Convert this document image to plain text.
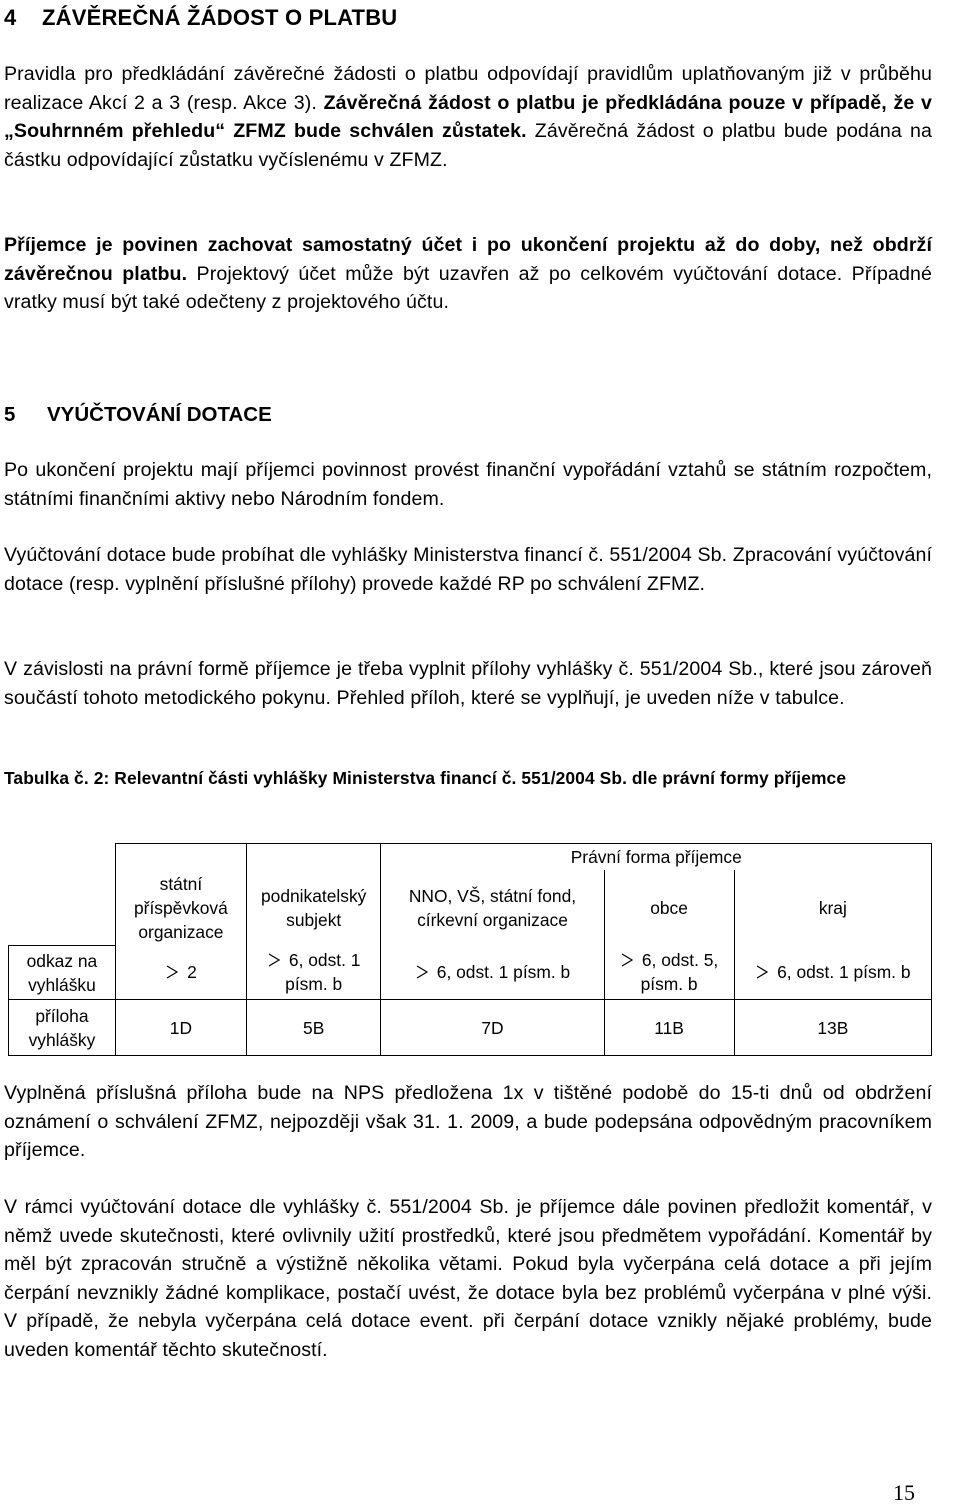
4 ZÁVĚREČNÁ ŽÁDOST O PLATBU
Pravidla pro předkládání závěrečné žádosti o platbu odpovídají pravidlům uplatňovaným již v průběhu realizace Akcí 2 a 3 (resp. Akce 3). Závěrečná žádost o platbu je předkládána pouze v případě, že v „Souhrnném přehledu“ ZFMZ bude schválen zůstatek. Závěrečná žádost o platbu bude podána na částku odpovídající zůstatku vyčíslenému v ZFMZ.
Příjemce je povinen zachovat samostatný účet i po ukončení projektu až do doby, než obdrží závěrečnou platbu. Projektový účet může být uzavřen až po celkovém vyúčtování dotace. Případné vratky musí být také odečteny z projektového účtu.
5 VYÚČTOVÁNÍ DOTACE
Po ukončení projektu mají příjemci povinnost provést finanční vypořádání vztahů se státním rozpočtem, státními finančními aktivy nebo Národním fondem.
Vyúčtování dotace bude probíhat dle vyhlášky Ministerstva financí č. 551/2004 Sb. Zpracování vyúčtování dotace (resp. vyplnění příslušné přílohy) provede každé RP po schválení ZFMZ.
V závislosti na právní formě příjemce je třeba vyplnit přílohy vyhlášky č. 551/2004 Sb., které jsou zároveň součástí tohoto metodického pokynu. Přehled příloh, které se vyplňují, je uveden níže v tabulce.
Tabulka č. 2: Relevantní části vyhlášky Ministerstva financí č. 551/2004 Sb. dle právní formy příjemce
			Právní forma příjemce		
	státní příspěvková organizace	podnikatelský subjekt	NNO, VŠ, státní fond, církevní organizace	obce	kraj
odkaz na vyhlášku	2	6, odst. 1 písm. b	6, odst. 1 písm. b	6, odst. 5, písm. b	6, odst. 1 písm. b
příloha vyhlášky	1D	5B	7D	11B	13B
Vyplněná příslušná příloha bude na NPS předložena 1x v tištěné podobě do 15-ti dnů od obdržení oznámení o schválení ZFMZ, nejpozději však 31. 1. 2009, a bude podepsána odpovědným pracovníkem příjemce.
V rámci vyúčtování dotace dle vyhlášky č. 551/2004 Sb. je příjemce dále povinen předložit komentář, v němž uvede skutečnosti, které ovlivnily užití prostředků, které jsou předmětem vypořádání. Komentář by měl být zpracován stručně a výstižně několika větami. Pokud byla vyčerpána celá dotace a při jejím čerpání nevznikly žádné komplikace, postačí uvést, že dotace byla bez problémů vyčerpána v plné výši. V případě, že nebyla vyčerpána celá dotace event. při čerpání dotace vznikly nějaké problémy, bude uveden komentář těchto skutečností.
15
